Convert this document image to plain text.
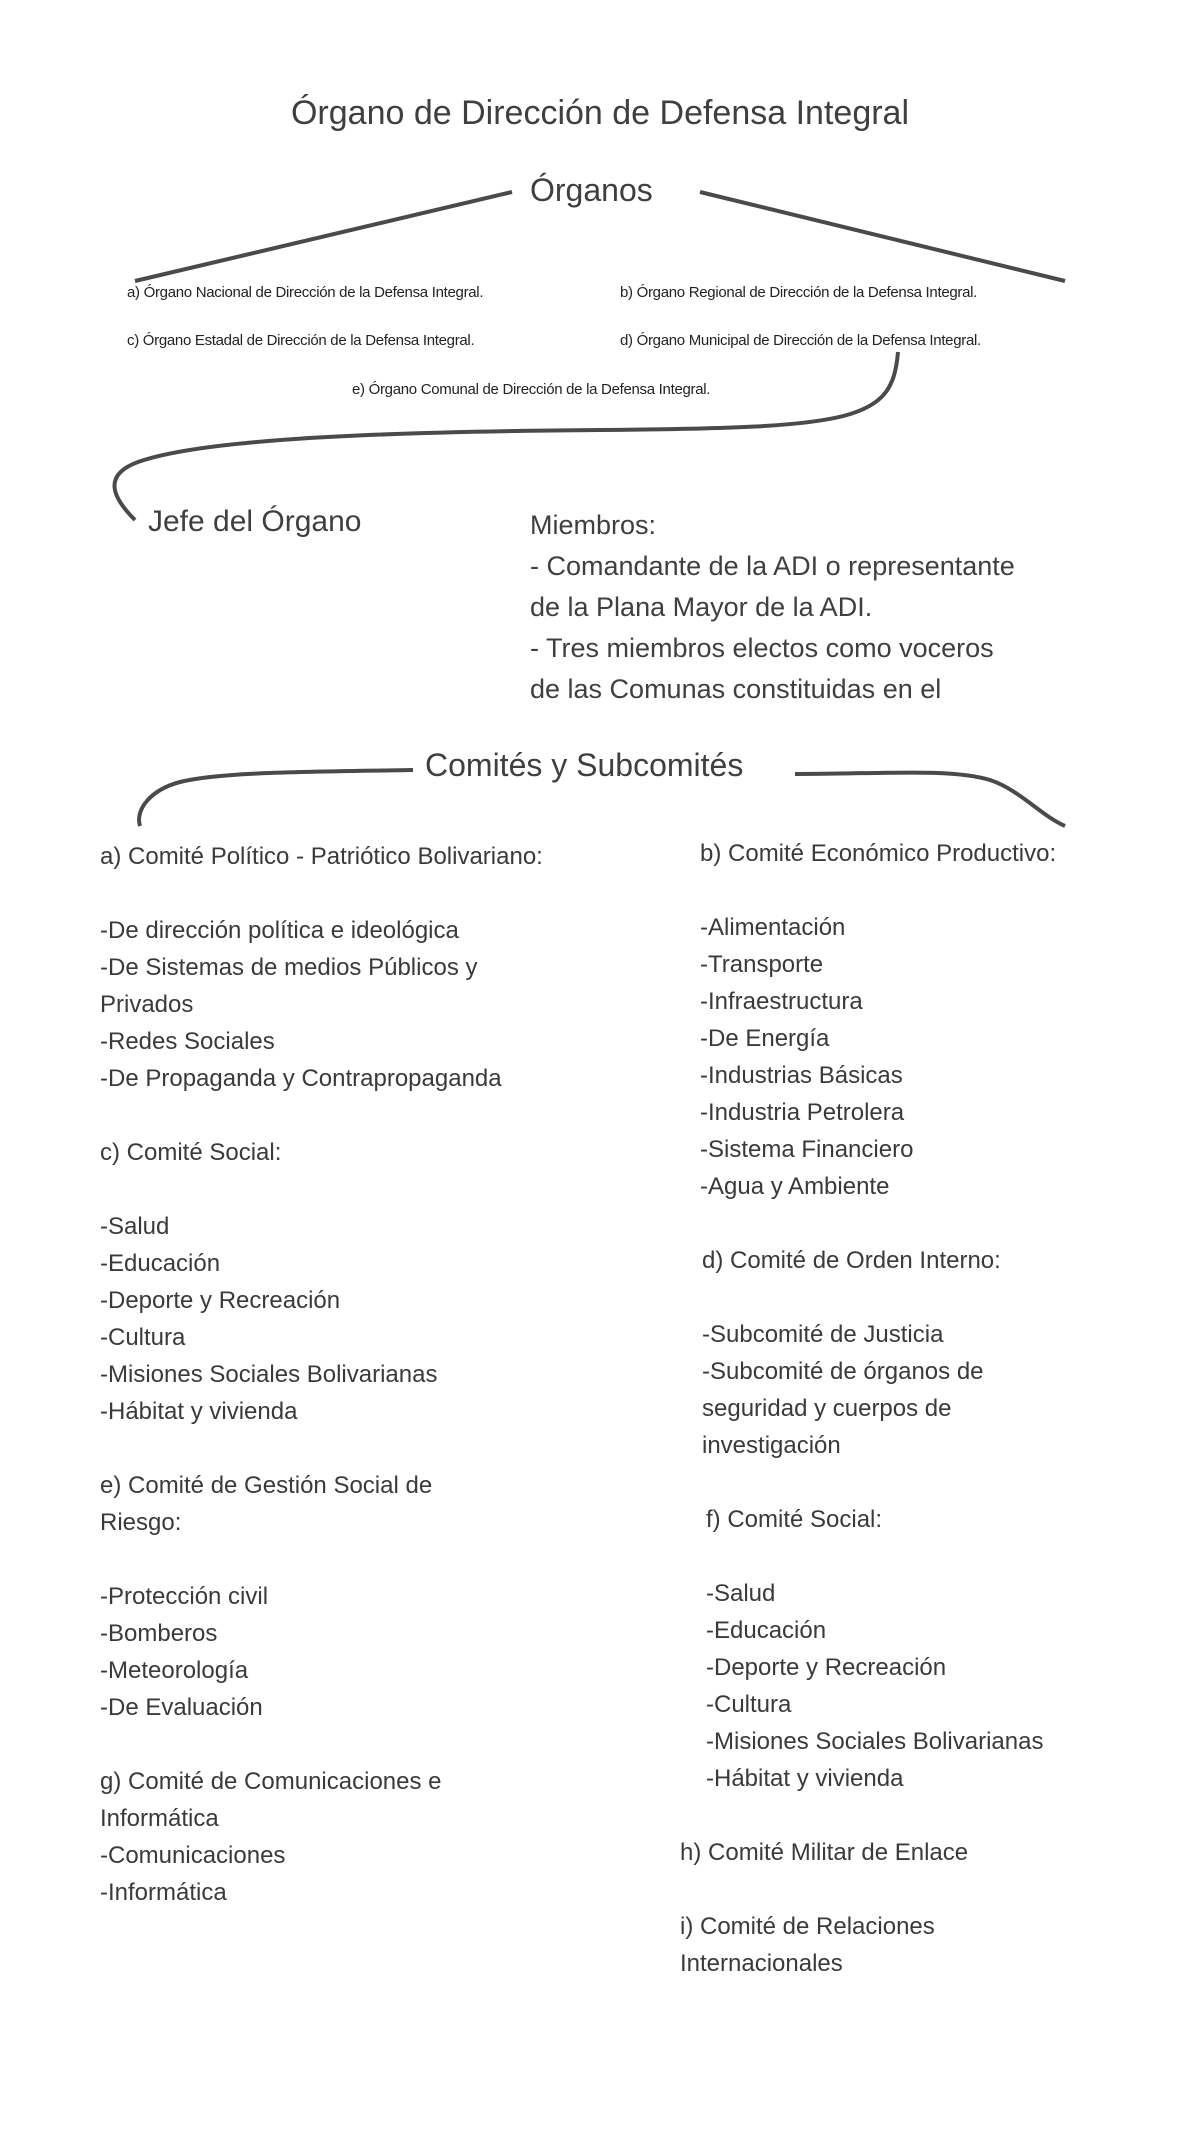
Órgano de Dirección de Defensa Integral
Órganos
a) Órgano Nacional de Dirección de la Defensa Integral.	b) Órgano Regional de Dirección de la Defensa Integral.
c) Órgano Estadal de Dirección de la Defensa Integral.	d) Órgano Municipal de Dirección de la Defensa Integral.
e) Órgano Comunal de Dirección de la Defensa Integral.
Jefe del Órgano	Miembros:
- Comandante de la ADI o representante
de la Plana Mayor de la ADI.
- Tres miembros electos como voceros
de las Comunas constituidas en el
Comités y Subcomités
a) Comité Político - Patriótico Bolivariano:
-De dirección política e ideológica
-De Sistemas de medios Públicos y
Privados
-Redes Sociales
-De Propaganda y Contrapropaganda
c) Comité Social:
-Salud
-Educación
-Deporte y Recreación
-Cultura
-Misiones Sociales Bolivarianas
-Hábitat y vivienda
e) Comité de Gestión Social de
Riesgo:
-Protección civil
-Bomberos
-Meteorología
-De Evaluación
g) Comité de Comunicaciones e
Informática
-Comunicaciones
-Informática
b) Comité Económico Productivo:
-Alimentación
-Transporte
-Infraestructura
-De Energía
-Industrias Básicas
-Industria Petrolera
-Sistema Financiero
-Agua y Ambiente
d) Comité de Orden Interno:
-Subcomité de Justicia
-Subcomité de órganos de
seguridad y cuerpos de
investigación
f) Comité Social:
-Salud
-Educación
-Deporte y Recreación
-Cultura
-Misiones Sociales Bolivarianas
-Hábitat y vivienda
h) Comité Militar de Enlace
i) Comité de Relaciones
Internacionales
